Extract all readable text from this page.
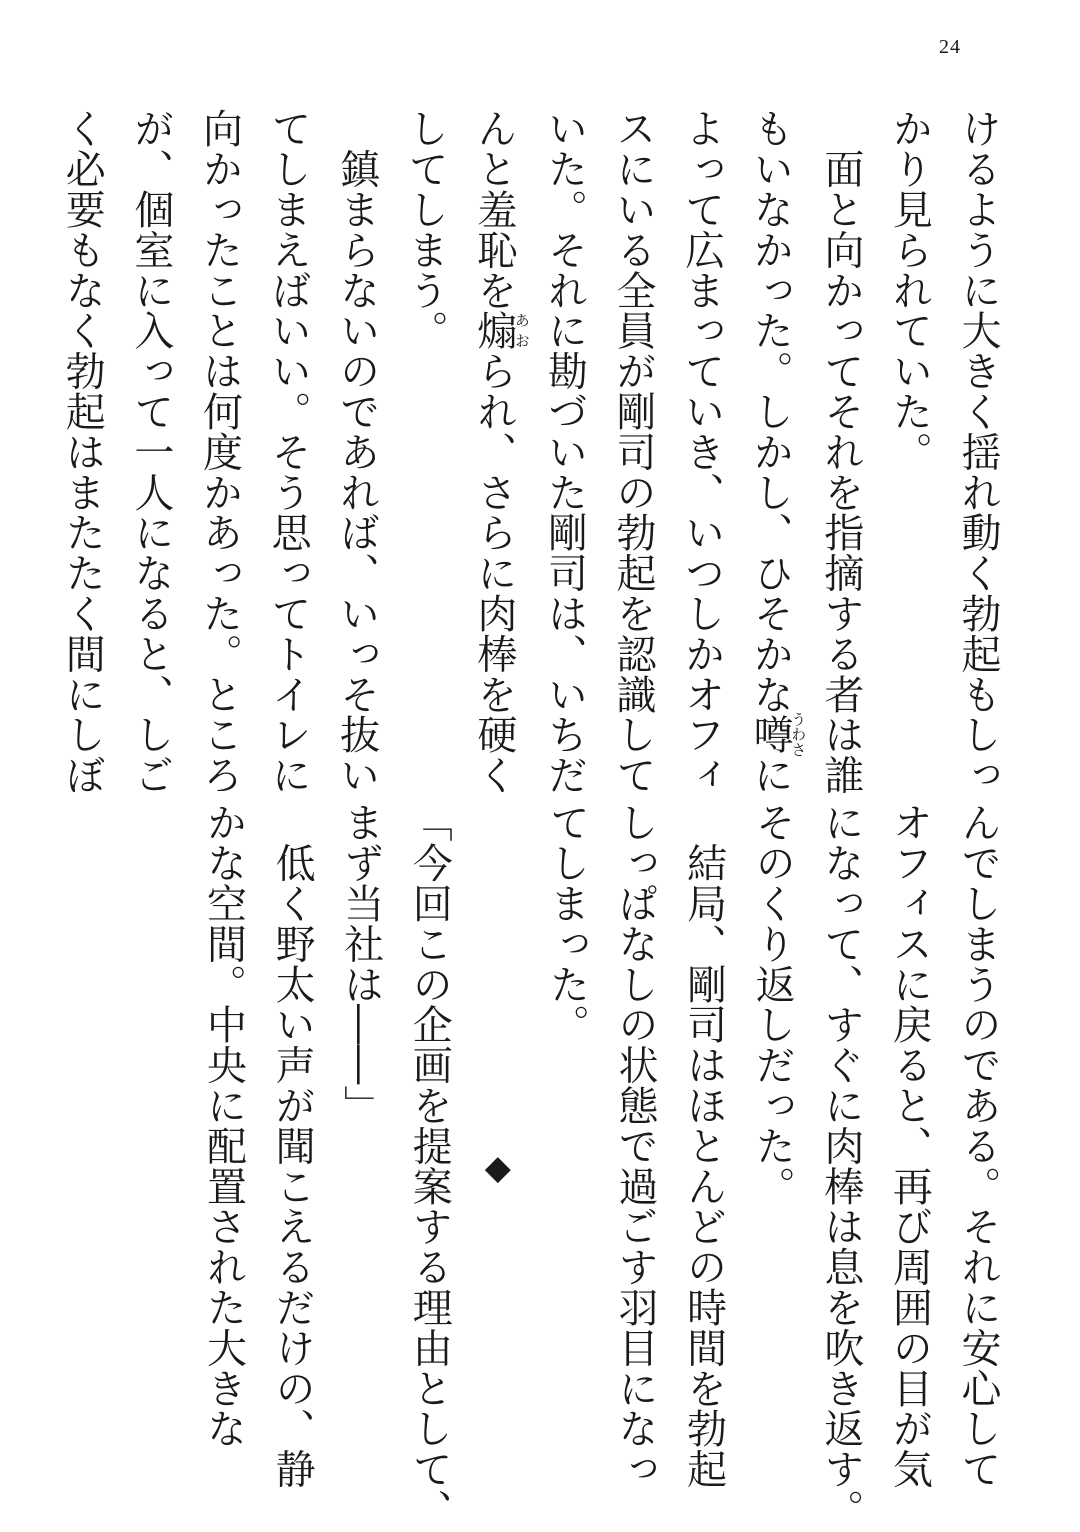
24
けるように大きく揺れ動く勃起もしっ
かり見られていた。
　面と向かってそれを指摘する者は誰
もいなかった。しかし、ひそかな噂うわさに
よって広まっていき、いつしかオフィ
スにいる全員が剛司の勃起を認識して
いた。それに勘づいた剛司は、いちだ
んと羞恥を煽あおられ、さらに肉棒を硬く
してしまう。
　鎮まらないのであれば、いっそ抜い
てしまえばいい。そう思ってトイレに
向かったことは何度かあった。ところ
が、個室に入って一人になると、しご
く必要もなく勃起はまたたく間にしぼ
んでしまうのである。それに安心して
オフィスに戻ると、再び周囲の目が気
になって、すぐに肉棒は息を吹き返す。
そのくり返しだった。
　結局、剛司はほとんどの時間を勃起
しっぱなしの状態で過ごす羽目になっ
てしまった。
◆
「今回この企画を提案する理由として、
まず当社は――」
　低く野太い声が聞こえるだけの、静
かな空間。中央に配置された大きな
